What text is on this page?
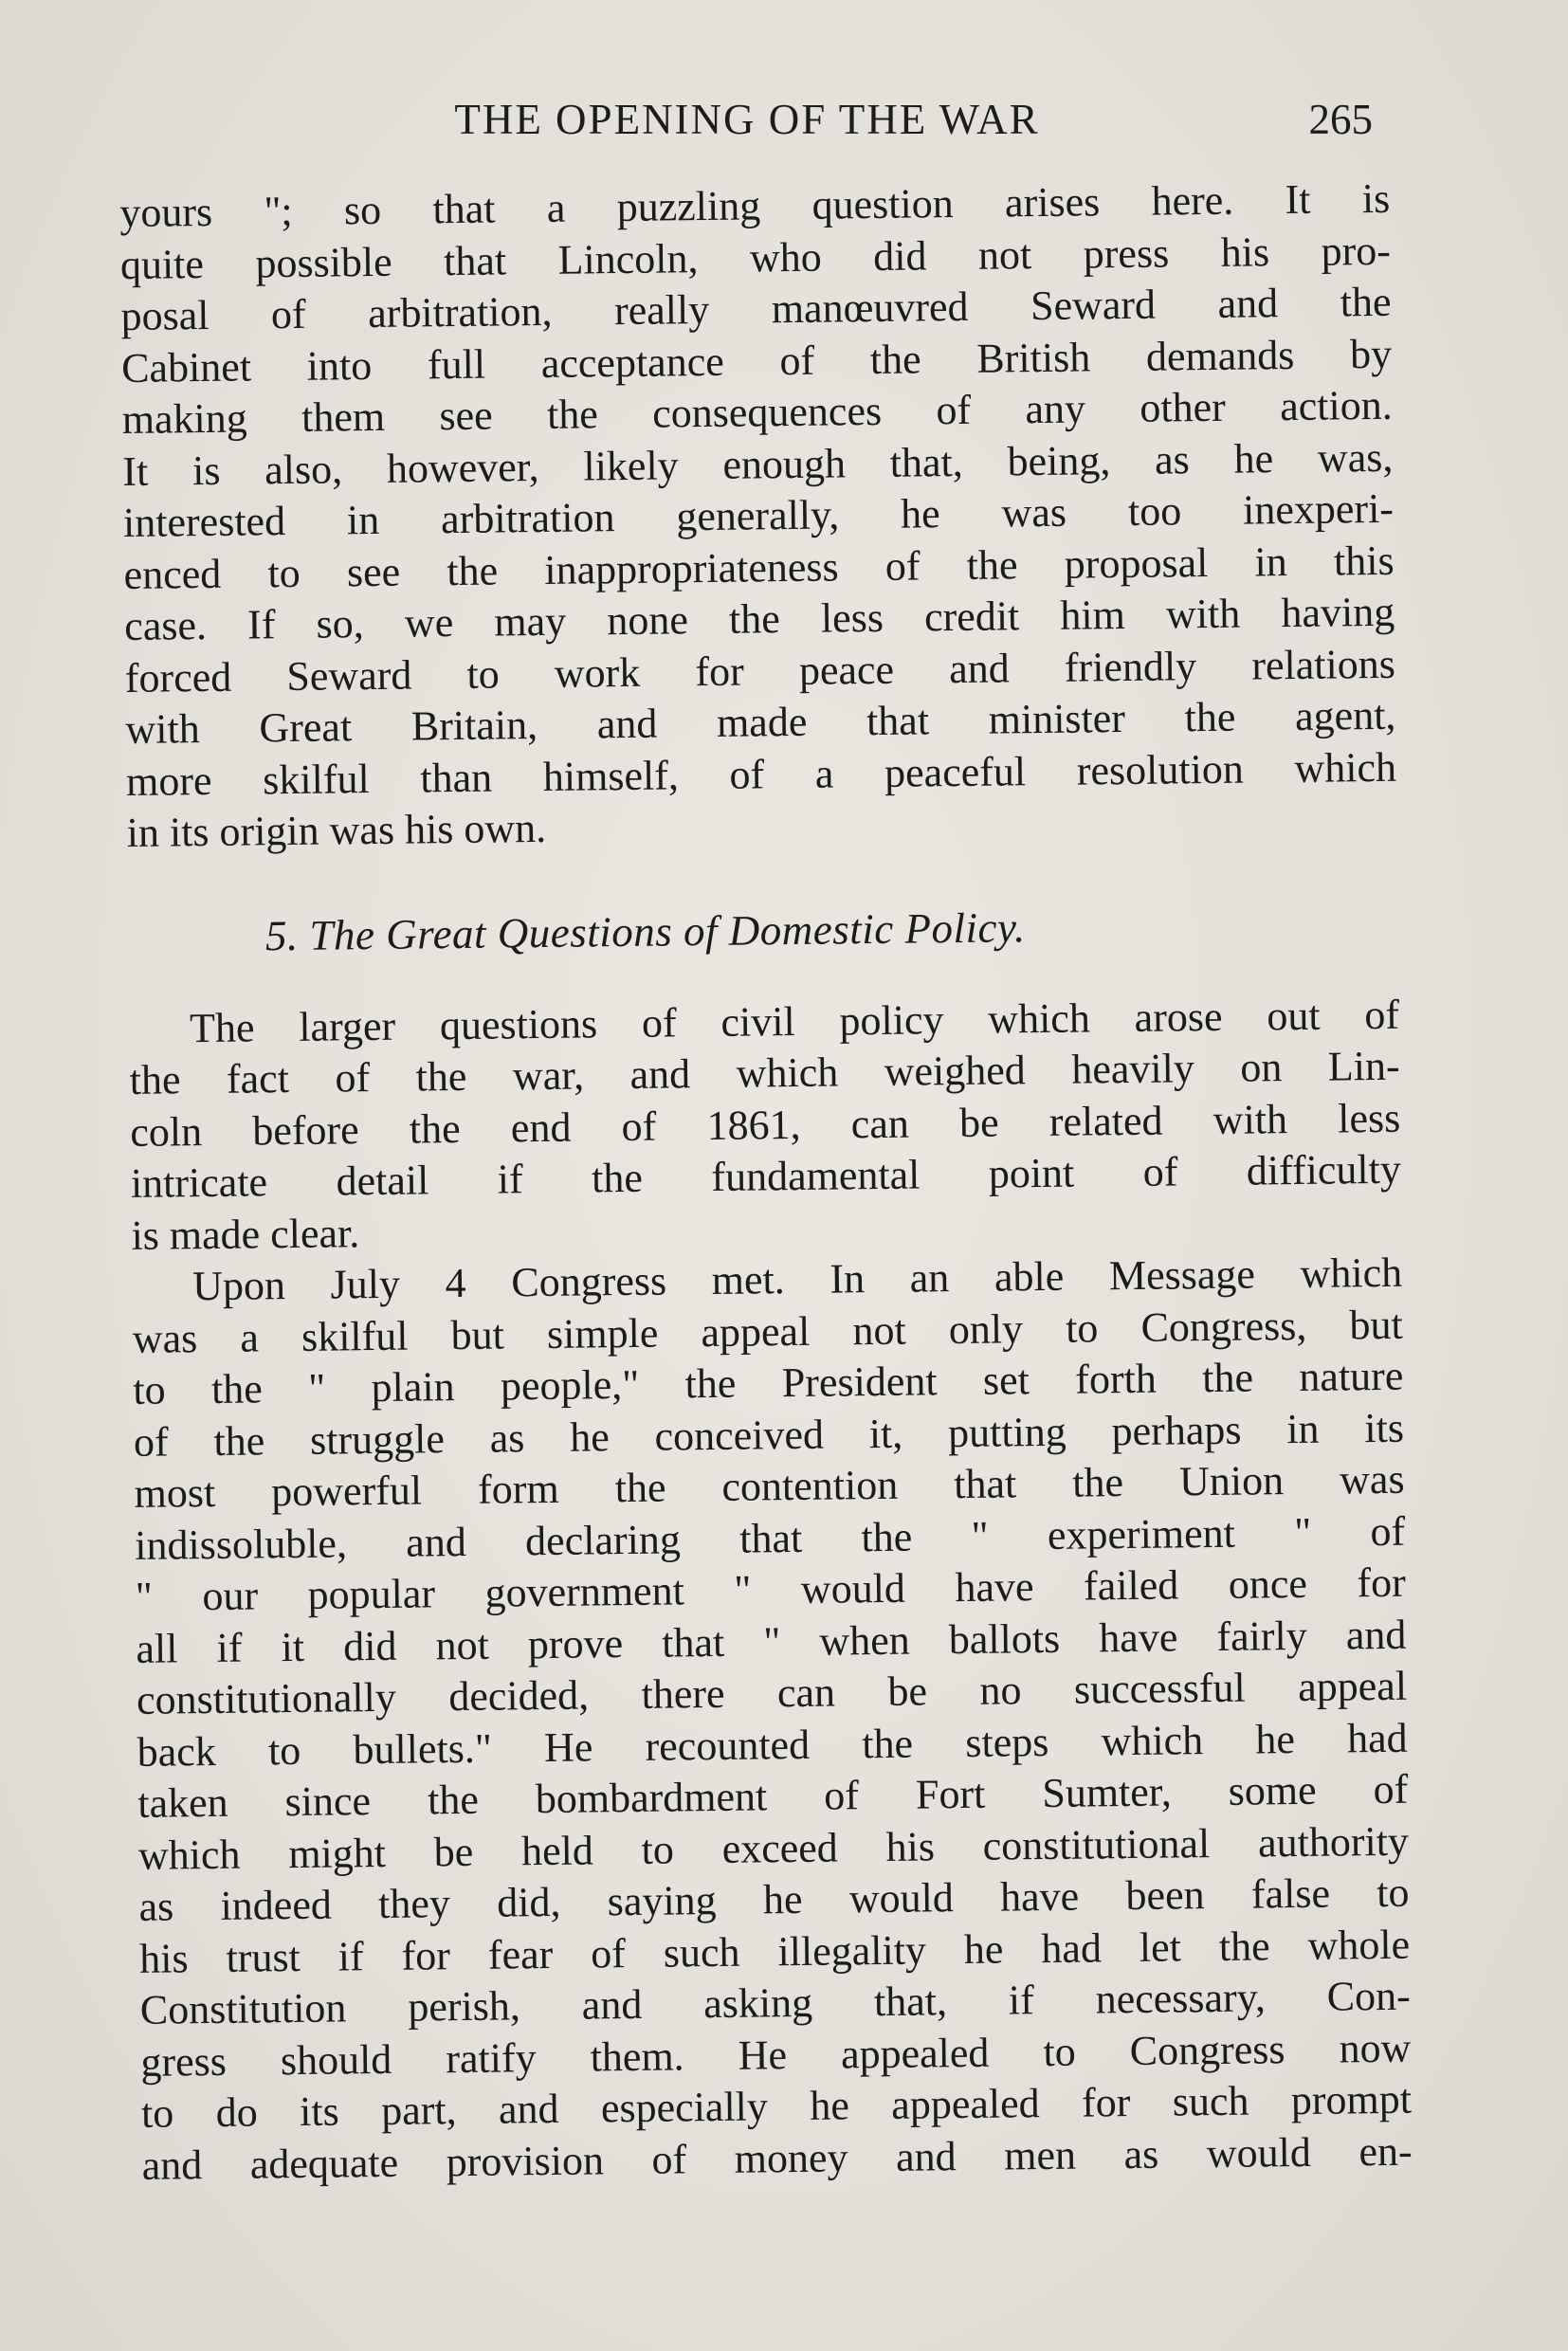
THE OPENING OF THE WAR	265
yours "; so that a puzzling question arises here. It is
quite possible that Lincoln, who did not press his pro-
posal of arbitration, really manœuvred Seward and the
Cabinet into full acceptance of the British demands by
making them see the consequences of any other action.
It is also, however, likely enough that, being, as he was,
interested in arbitration generally, he was too inexperi-
enced to see the inappropriateness of the proposal in this
case. If so, we may none the less credit him with having
forced Seward to work for peace and friendly relations
with Great Britain, and made that minister the agent,
more skilful than himself, of a peaceful resolution which
in its origin was his own.
5. The Great Questions of Domestic Policy.
The larger questions of civil policy which arose out of
the fact of the war, and which weighed heavily on Lin-
coln before the end of 1861, can be related with less
intricate detail if the fundamental point of difficulty
is made clear.
Upon July 4 Congress met. In an able Message which
was a skilful but simple appeal not only to Congress, but
to the " plain people," the President set forth the nature
of the struggle as he conceived it, putting perhaps in its
most powerful form the contention that the Union was
indissoluble, and declaring that the " experiment " of
" our popular government " would have failed once for
all if it did not prove that " when ballots have fairly and
constitutionally decided, there can be no successful appeal
back to bullets." He recounted the steps which he had
taken since the bombardment of Fort Sumter, some of
which might be held to exceed his constitutional authority
as indeed they did, saying he would have been false to
his trust if for fear of such illegality he had let the whole
Constitution perish, and asking that, if necessary, Con-
gress should ratify them. He appealed to Congress now
to do its part, and especially he appealed for such prompt
and adequate provision of money and men as would en-
